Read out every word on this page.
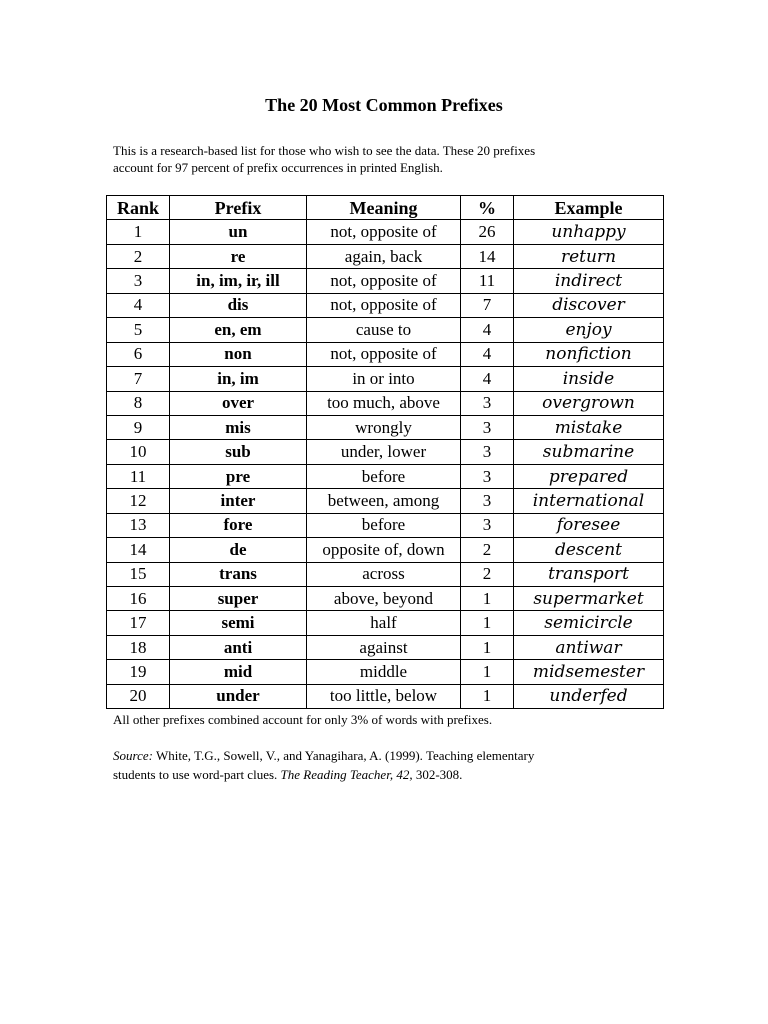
The 20 Most Common Prefixes
This is a research-based list for those who wish to see the data. These 20 prefixes
account for 97 percent of prefix occurrences in printed English.
Rank	Prefix	Meaning	%	Example
1	un	not, opposite of	26	unhappy
2	re	again, back	14	return
3	in, im, ir, ill	not, opposite of	11	indirect
4	dis	not, opposite of	7	discover
5	en, em	cause to	4	enjoy
6	non	not, opposite of	4	nonfiction
7	in, im	in or into	4	inside
8	over	too much, above	3	overgrown
9	mis	wrongly	3	mistake
10	sub	under, lower	3	submarine
11	pre	before	3	prepared
12	inter	between, among	3	international
13	fore	before	3	foresee
14	de	opposite of, down	2	descent
15	trans	across	2	transport
16	super	above, beyond	1	supermarket
17	semi	half	1	semicircle
18	anti	against	1	antiwar
19	mid	middle	1	midsemester
20	under	too little, below	1	underfed
All other prefixes combined account for only 3% of words with prefixes.
Source: White, T.G., Sowell, V., and Yanagihara, A. (1999). Teaching elementary
students to use word-part clues. The Reading Teacher, 42, 302-308.
